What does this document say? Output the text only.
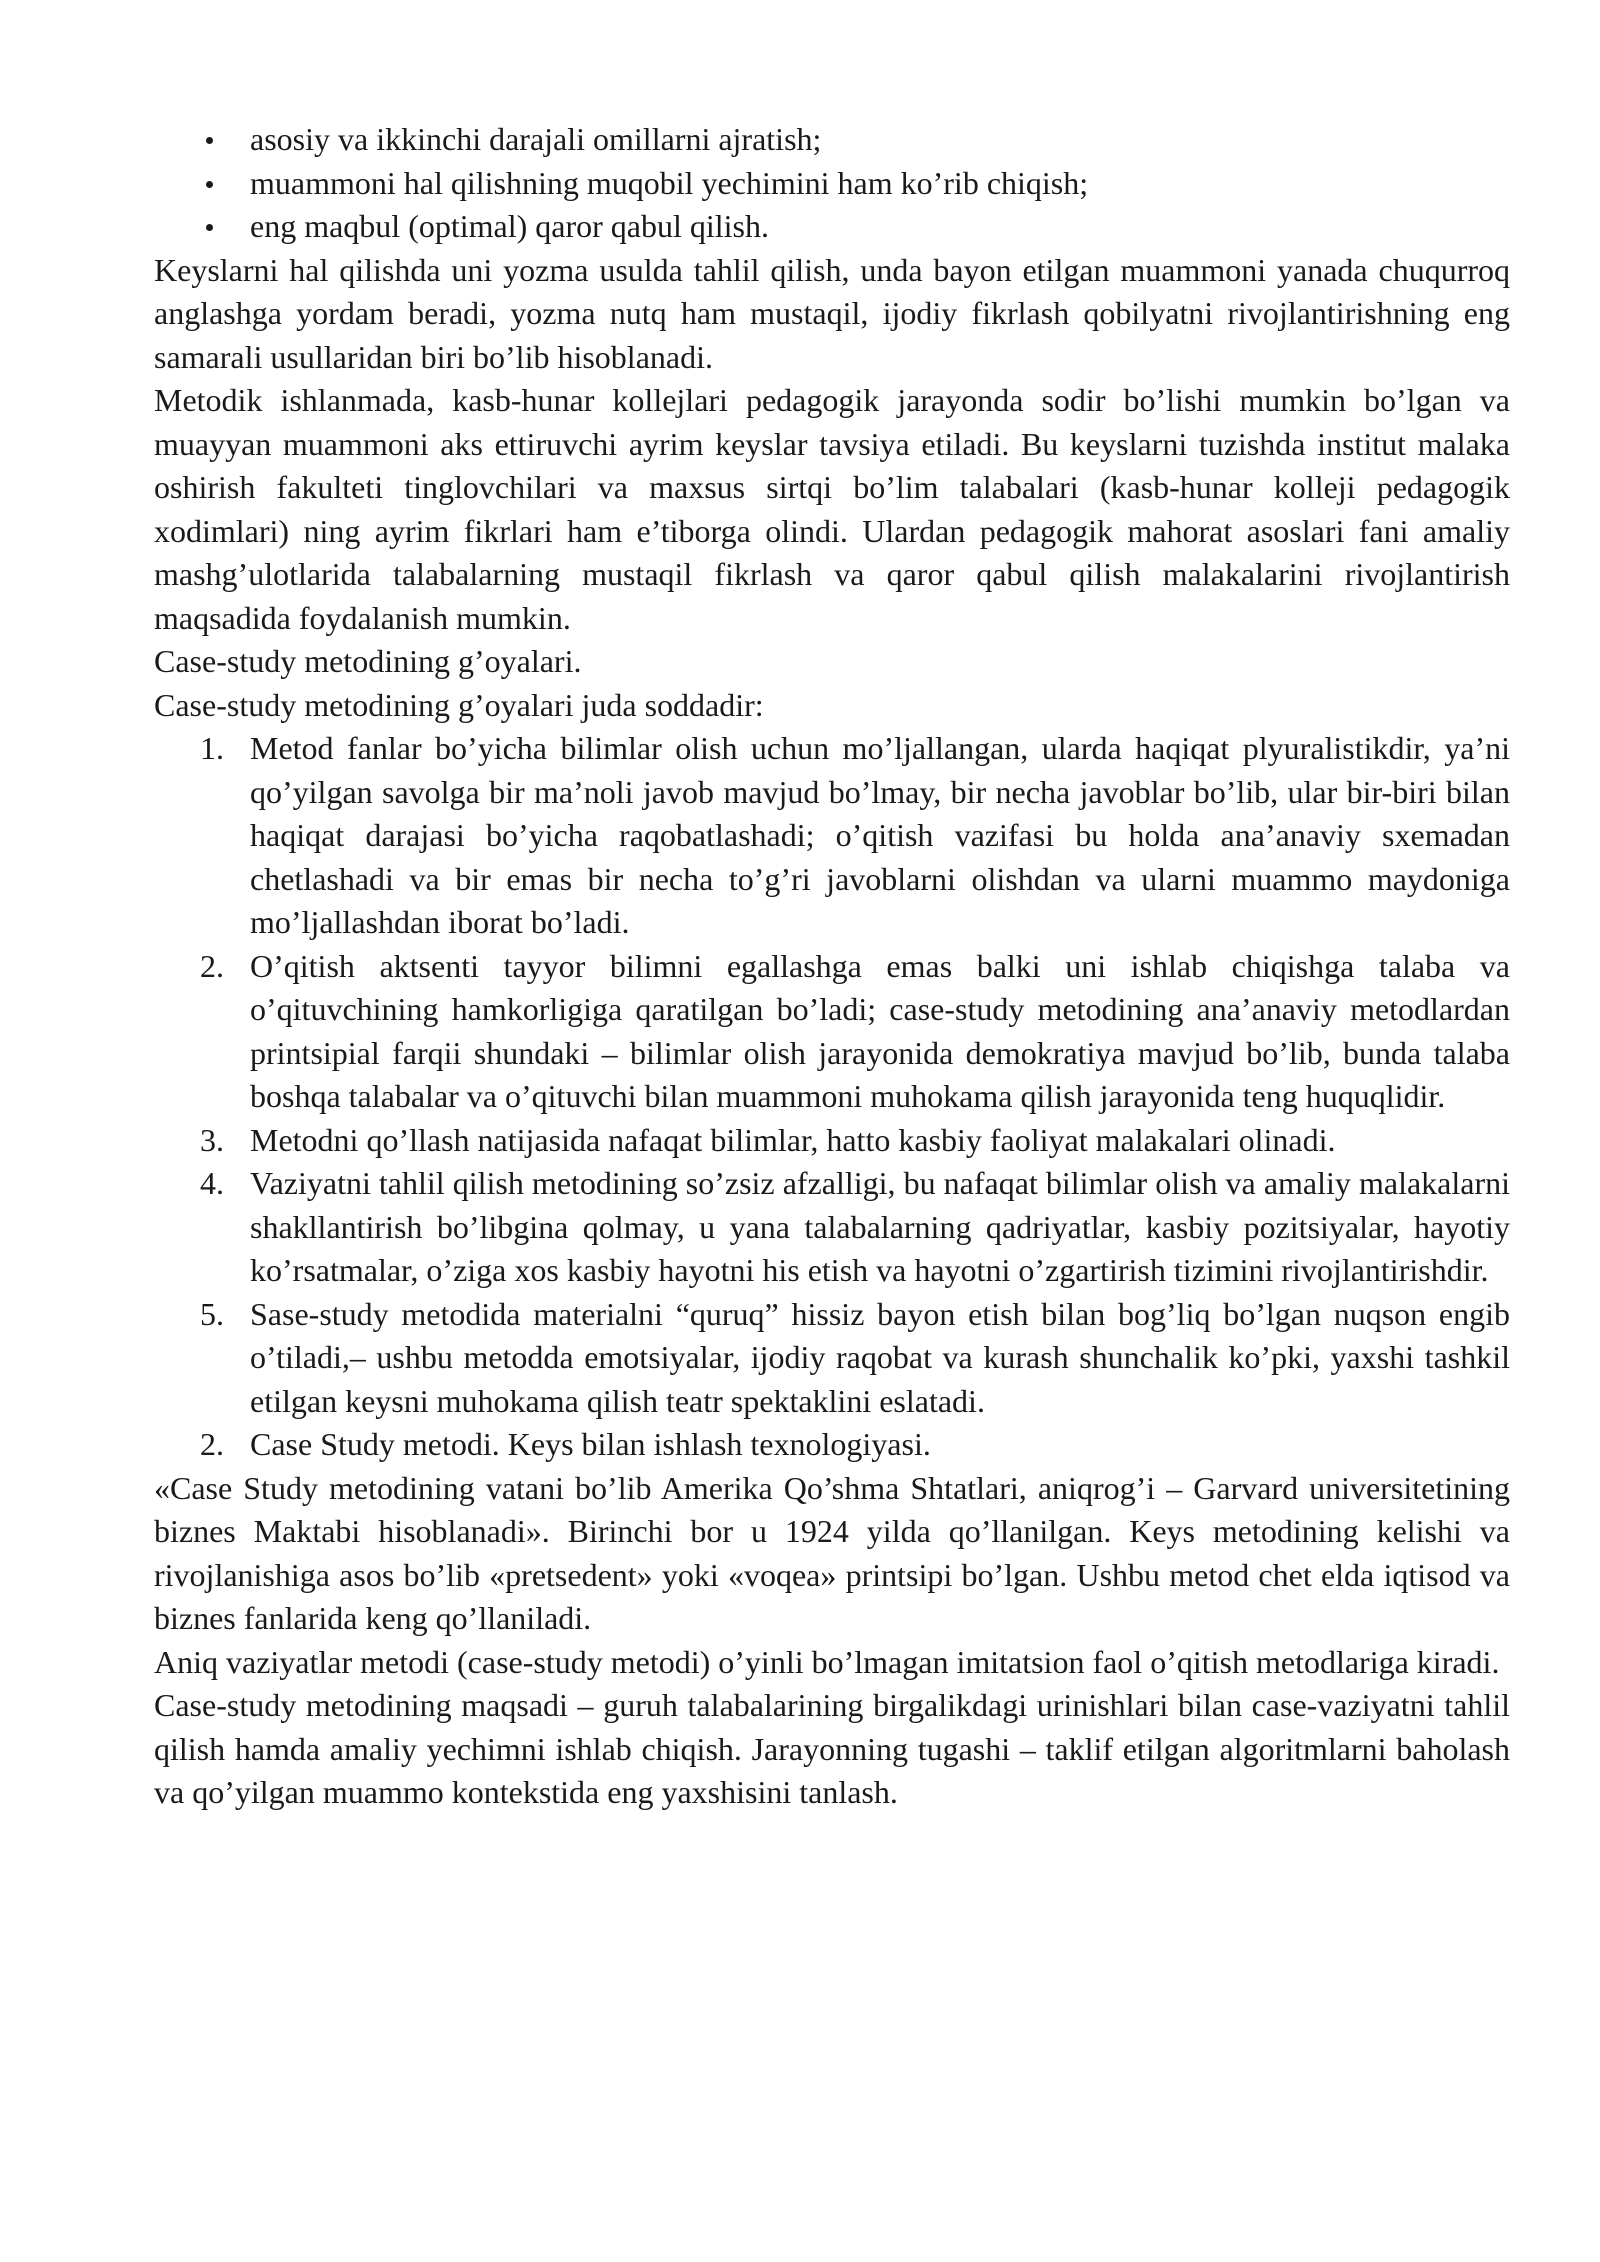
asosiy va ikkinchi darajali omillarni ajratish;
muammoni hal qilishning muqobil yechimini ham ko’rib chiqish;
eng maqbul (optimal) qaror qabul qilish.

Keyslarni hal qilishda uni yozma usulda tahlil qilish, unda bayon etilgan muammoni yanada chuqurroq anglashga yordam beradi, yozma nutq ham mustaqil, ijodiy fikrlash qobilyatni rivojlantirishning eng samarali usullaridan biri bo’lib hisoblanadi.

Metodik ishlanmada, kasb-hunar kollejlari pedagogik jarayonda sodir bo’lishi mumkin bo’lgan va muayyan muammoni aks ettiruvchi ayrim keyslar tavsiya etiladi. Bu keyslarni tuzishda institut malaka oshirish fakulteti tinglovchilari va maxsus sirtqi bo’lim talabalari (kasb-hunar kolleji pedagogik xodimlari) ning ayrim fikrlari ham e’tiborga olindi. Ulardan pedagogik mahorat asoslari fani amaliy mashg’ulotlarida talabalarning mustaqil fikrlash va qaror qabul qilish malakalarini rivojlantirish maqsadida foydalanish mumkin.

Case-study metodining g’oyalari.

Case-study metodining g’oyalari juda soddadir:

1. Metod fanlar bo’yicha bilimlar olish uchun mo’ljallangan, ularda haqiqat plyuralistikdir, ya’ni qo’yilgan savolga bir ma’noli javob mavjud bo’lmay, bir necha javoblar bo’lib, ular bir-biri bilan haqiqat darajasi bo’yicha raqobatlashadi; o’qitish vazifasi bu holda ana’anaviy sxemadan chetlashadi va bir emas bir necha to’g’ri javoblarni olishdan va ularni muammo maydoniga mo’ljallashdan iborat bo’ladi.
2. O’qitish aktsenti tayyor bilimni egallashga emas balki uni ishlab chiqishga talaba va o’qituvchining hamkorligiga qaratilgan bo’ladi; case-study metodining ana’anaviy metodlardan printsipial farqii shundaki – bilimlar olish jarayonida demokratiya mavjud bo’lib, bunda talaba boshqa talabalar va o’qituvchi bilan muammoni muhokama qilish jarayonida teng huquqlidir.
3. Metodni qo’llash natijasida nafaqat bilimlar, hatto kasbiy faoliyat malakalari olinadi.
4. Vaziyatni tahlil qilish metodining so’zsiz afzalligi, bu nafaqat bilimlar olish va amaliy malakalarni shakllantirish bo’libgina qolmay, u yana talabalarning qadriyatlar, kasbiy pozitsiyalar, hayotiy ko’rsatmalar, o’ziga xos kasbiy hayotni his etish va hayotni o’zgartirish tizimini rivojlantirishdir.
5. Sase-study metodida materialni “quruq” hissiz bayon etish bilan bog’liq bo’lgan nuqson engib o’tiladi,– ushbu metodda emotsiyalar, ijodiy raqobat va kurash shunchalik ko’pki, yaxshi tashkil etilgan keysni muhokama qilish teatr spektaklini eslatadi.
2. Case Study metodi. Keys bilan ishlash texnologiyasi.

«Case Study metodining vatani bo’lib Amerika Qo’shma Shtatlari, aniqrog’i – Garvard universitetining biznes Maktabi hisoblanadi». Birinchi bor u 1924 yilda qo’llanilgan. Keys metodining kelishi va rivojlanishiga asos bo’lib «pretsedent» yoki «voqea» printsipi bo’lgan. Ushbu metod chet elda iqtisod va biznes fanlarida keng qo’llaniladi.

Aniq vaziyatlar metodi (case-study metodi) o’yinli bo’lmagan imitatsion faol o’qitish metodlariga kiradi.

Case-study metodining maqsadi – guruh talabalarining birgalikdagi urinishlari bilan case-vaziyatni tahlil qilish hamda amaliy yechimni ishlab chiqish. Jarayonning tugashi – taklif etilgan algoritmlarni baholash va qo’yilgan muammo kontekstida eng yaxshisini tanlash.
